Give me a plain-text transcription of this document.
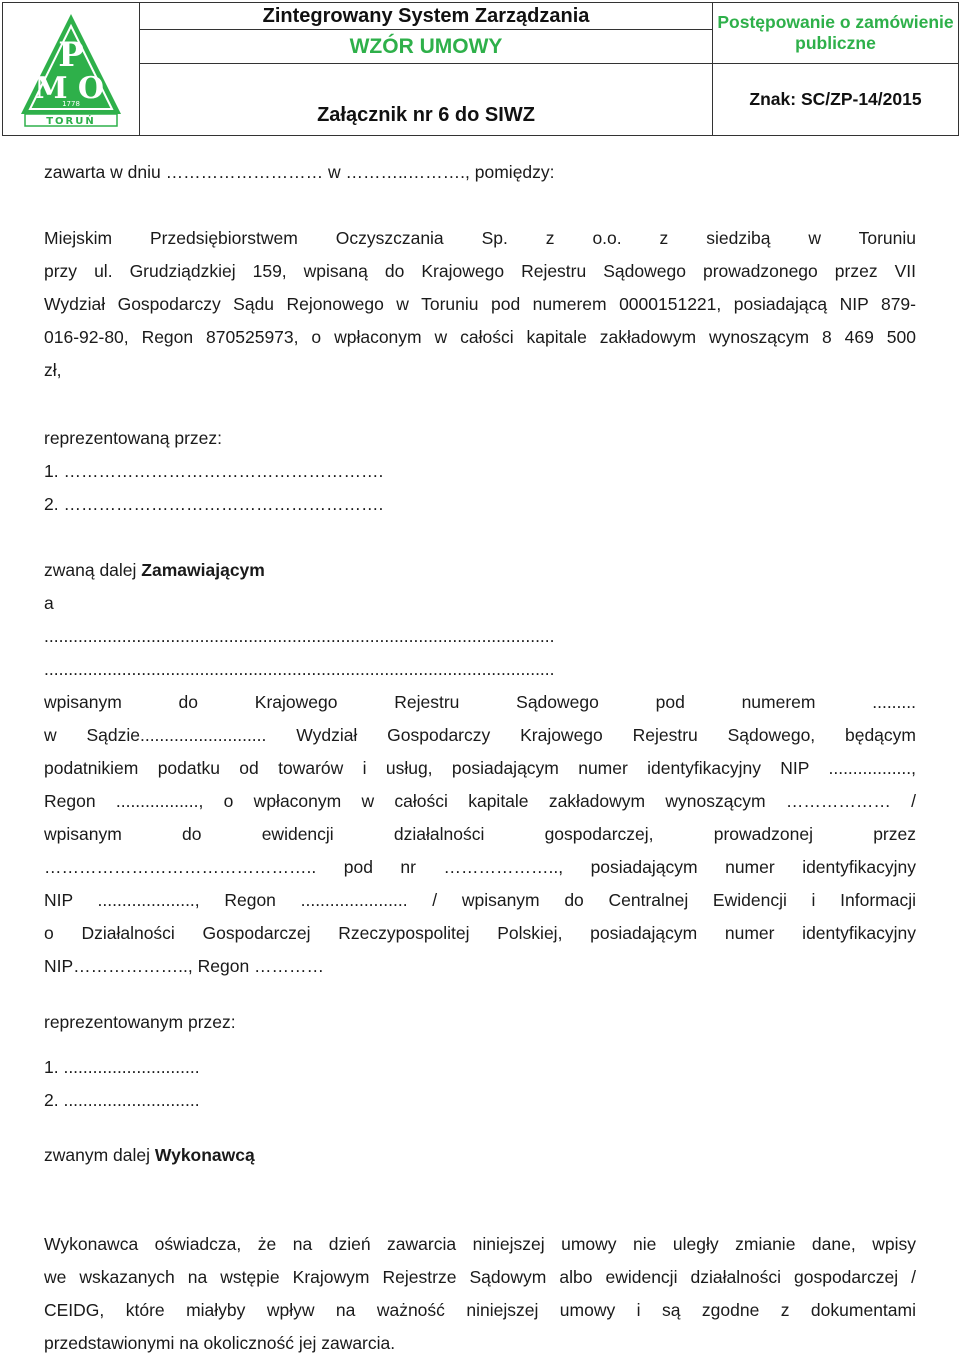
P
M O
1778
TORUŃ	Zintegrowany System Zarządzania	Postępowanie o zamówienie publiczne
	WZÓR UMOWY	
	Załącznik nr 6 do SIWZ	Znak: SC/ZP-14/2015
zawarta w dniu ……………………… w ………..………., pomiędzy:
Miejskim Przedsiębiorstwem Oczyszczania Sp. z o.o. z siedzibą w Toruniu
przy ul. Grudziądzkiej 159, wpisaną do Krajowego Rejestru Sądowego prowadzonego przez VII
Wydział Gospodarczy Sądu Rejonowego w Toruniu pod numerem 0000151221, posiadającą NIP 879-
016-92-80, Regon 870525973, o wpłaconym w całości kapitale zakładowym wynoszącym 8 469 500
zł,
reprezentowaną przez:
1. ……………………………………………….
2. ……………………………………………….
zwaną dalej Zamawiającym
a
.........................................................................................................
.........................................................................................................
wpisanym do Krajowego Rejestru Sądowego pod numerem .........
w Sądzie.......................... Wydział Gospodarczy Krajowego Rejestru Sądowego, będącym
podatnikiem podatku od towarów i usług, posiadającym numer identyfikacyjny NIP .................,
Regon ................., o wpłaconym w całości kapitale zakładowym wynoszącym ……………… /
wpisanym do ewidencji działalności gospodarczej, prowadzonej przez
……………………………………….. pod nr ……………….., posiadającym numer identyfikacyjny
NIP ...................., Regon ...................... / wpisanym do Centralnej Ewidencji i Informacji
o Działalności Gospodarczej Rzeczypospolitej Polskiej, posiadającym numer identyfikacyjny
NIP……………….., Regon …………
reprezentowanym przez:
1. ............................
2. ............................
zwanym dalej Wykonawcą
Wykonawca oświadcza, że na dzień zawarcia niniejszej umowy nie uległy zmianie dane, wpisy
we wskazanych na wstępie Krajowym Rejestrze Sądowym albo ewidencji działalności gospodarczej /
CEIDG, które miałyby wpływ na ważność niniejszej umowy i są zgodne z dokumentami
przedstawionymi na okoliczność jej zawarcia.
